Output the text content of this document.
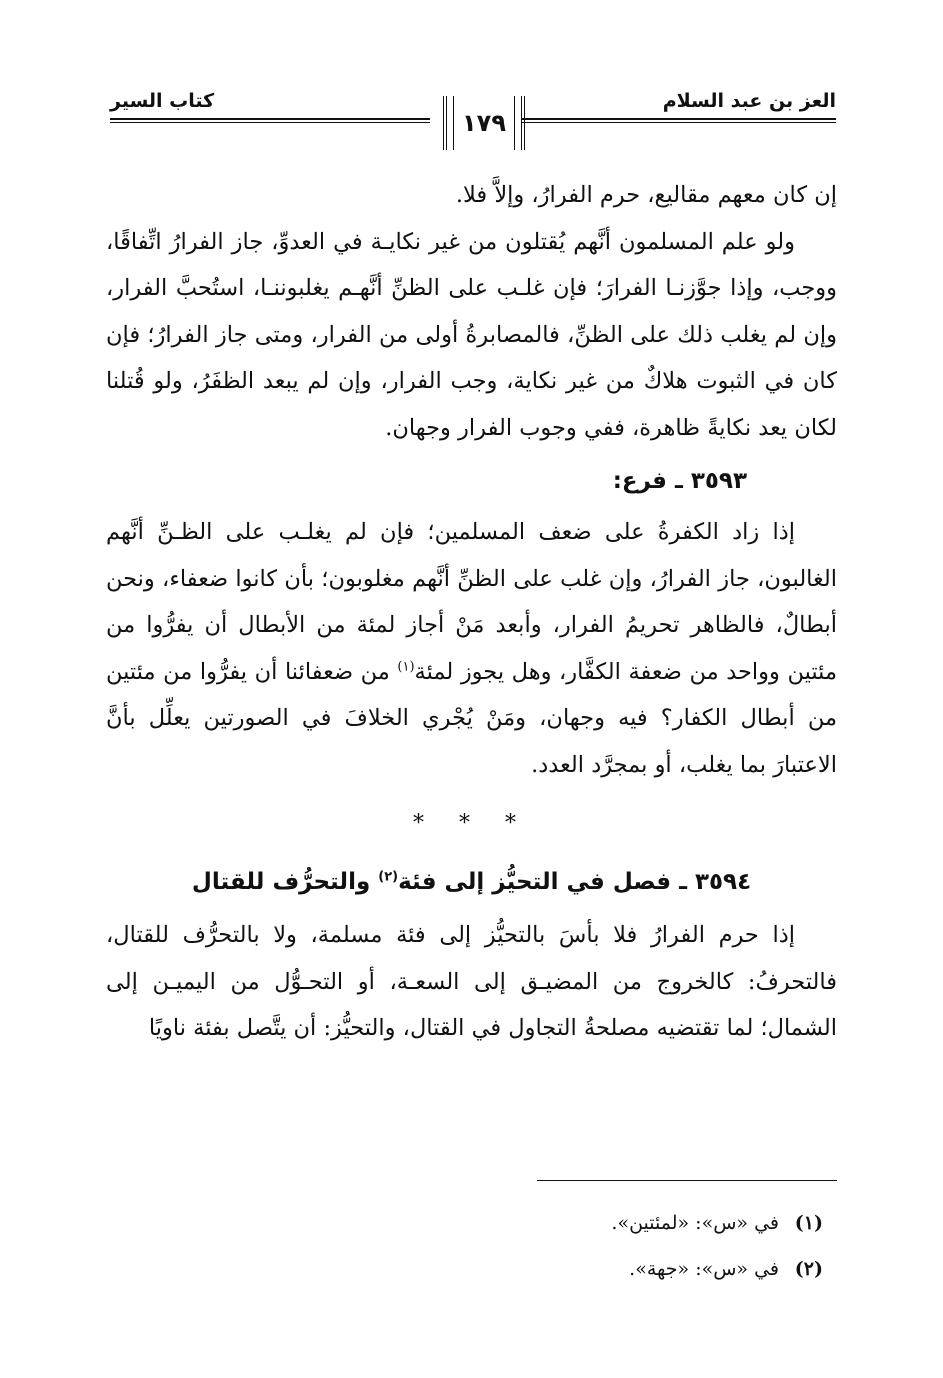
العز بن عبد السلام
١٧٩
كتاب السير

إن كان معهم مقاليع، حرم الفرارُ، وإلاَّ فلا.

ولو علم المسلمون أنَّهم يُقتلون من غير نكايـة في العدوِّ، جاز الفرارُ اتِّفاقًا، ووجب، وإذا جوَّزنـا الفرارَ؛ فإن غلـب على الظنِّ أنَّهـم يغلبوننـا، استُحبَّ الفرار، وإن لم يغلب ذلك على الظنِّ، فالمصابرةُ أولى من الفرار، ومتى جاز الفرارُ؛ فإن كان في الثبوت هلاكٌ من غير نكاية، وجب الفرار، وإن لم يبعد الظفَرُ، ولو قُتلنا لكان يعد نكايةً ظاهرة، ففي وجوب الفرار وجهان.

٣٥٩٣ ـ فرع:

إذا زاد الكفرةُ على ضعف المسلمين؛ فإن لم يغلـب على الظـنِّ أنَّهم الغالبون، جاز الفرارُ، وإن غلب على الظنِّ أنَّهم مغلوبون؛ بأن كانوا ضعفاء، ونحن أبطالٌ، فالظاهر تحريمُ الفرار، وأبعد مَنْ أجاز لمئة من الأبطال أن يفرُّوا من مئتين وواحد من ضعفة الكفَّار، وهل يجوز لمئة$^{(١)}$ من ضعفائنا أن يفرُّوا من مئتين من أبطال الكفار؟ فيه وجهان، ومَنْ يُجْري الخلافَ في الصورتين يعلِّل بأنَّ الاعتبارَ بما يغلب، أو بمجرَّد العدد.

* * *

٣٥٩٤ ـ فصل في التحيُّز إلى فئة$^{(٢)}$ والتحرُّف للقتال

إذا حرم الفرارُ فلا بأسَ بالتحيُّز إلى فئة مسلمة، ولا بالتحرُّف للقتال، فالتحرفُ: كالخروج من المضيـق إلى السعـة، أو التحـوُّل من اليميـن إلى الشمال؛ لما تقتضيه مصلحةُ التجاول في القتال، والتحيُّز: أن يتَّصل بفئة ناويًا

(١)
في «س»: «لمئتين».
(٢)
في «س»: «جهة».
